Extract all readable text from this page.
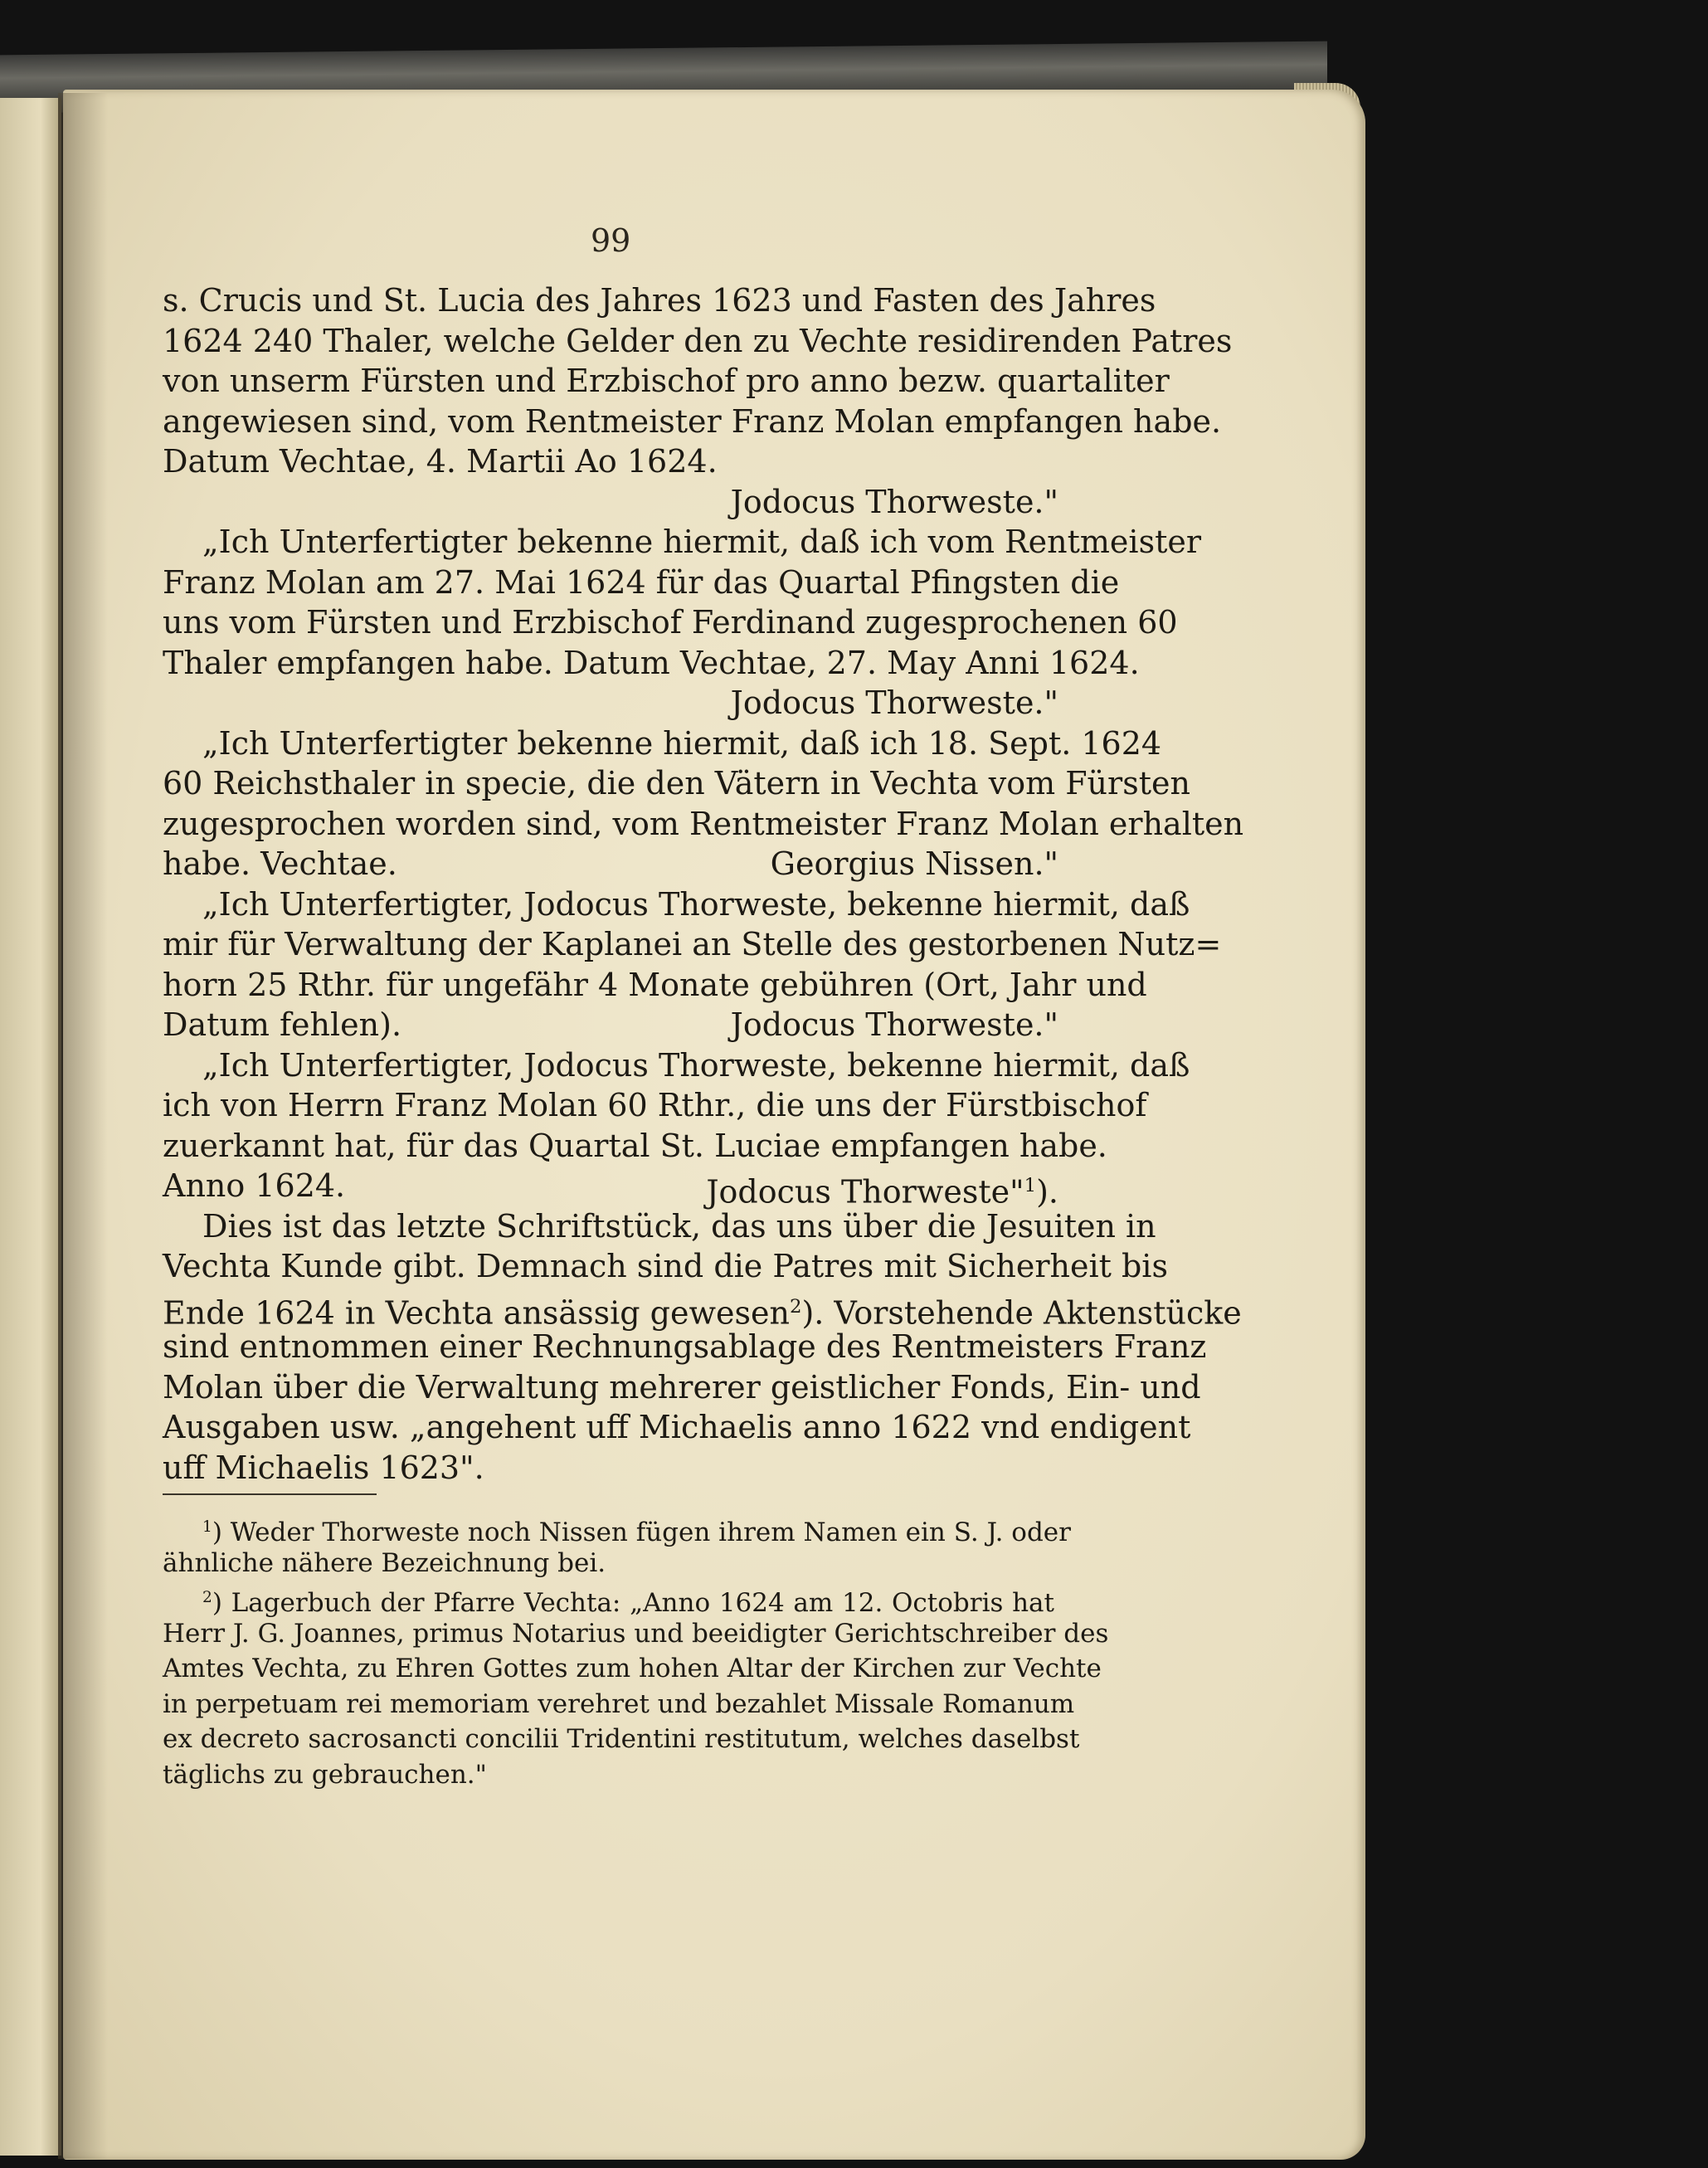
99
s. Crucis und St. Lucia des Jahres 1623 und Fasten des Jahres
1624 240 Thaler, welche Gelder den zu Vechte residirenden Patres
von unserm Fürsten und Erzbischof pro anno bezw. quartaliter
angewiesen sind, vom Rentmeister Franz Molan empfangen habe.
Datum Vechtae, 4. Martii Ao 1624.
Jodocus Thorweste."
„Ich Unterfertigter bekenne hiermit, daß ich vom Rentmeister
Franz Molan am 27. Mai 1624 für das Quartal Pfingsten die
uns vom Fürsten und Erzbischof Ferdinand zugesprochenen 60
Thaler empfangen habe. Datum Vechtae, 27. May Anni 1624.
Jodocus Thorweste."
„Ich Unterfertigter bekenne hiermit, daß ich 18. Sept. 1624
60 Reichsthaler in specie, die den Vätern in Vechta vom Fürsten
zugesprochen worden sind, vom Rentmeister Franz Molan erhalten
habe. Vechtae.	Georgius Nissen."
„Ich Unterfertigter, Jodocus Thorweste, bekenne hiermit, daß
mir für Verwaltung der Kaplanei an Stelle des gestorbenen Nutz=
horn 25 Rthr. für ungefähr 4 Monate gebühren (Ort, Jahr und
Datum fehlen).	Jodocus Thorweste."
„Ich Unterfertigter, Jodocus Thorweste, bekenne hiermit, daß
ich von Herrn Franz Molan 60 Rthr., die uns der Fürstbischof
zuerkannt hat, für das Quartal St. Luciae empfangen habe.
Anno 1624.	Jodocus Thorweste"$^1$).
Dies ist das letzte Schriftstück, das uns über die Jesuiten in
Vechta Kunde gibt. Demnach sind die Patres mit Sicherheit bis
Ende 1624 in Vechta ansässig gewesen$^2$). Vorstehende Aktenstücke
sind entnommen einer Rechnungsablage des Rentmeisters Franz
Molan über die Verwaltung mehrerer geistlicher Fonds, Ein- und
Ausgaben usw. „angehent uff Michaelis anno 1622 vnd endigent
uff Michaelis 1623".
$^1$) Weder Thorweste noch Nissen fügen ihrem Namen ein S. J. oder
ähnliche nähere Bezeichnung bei.
$^2$) Lagerbuch der Pfarre Vechta: „Anno 1624 am 12. Octobris hat
Herr J. G. Joannes, primus Notarius und beeidigter Gerichtschreiber des
Amtes Vechta, zu Ehren Gottes zum hohen Altar der Kirchen zur Vechte
in perpetuam rei memoriam verehret und bezahlet Missale Romanum
ex decreto sacrosancti concilii Tridentini restitutum, welches daselbst
täglichs zu gebrauchen."
